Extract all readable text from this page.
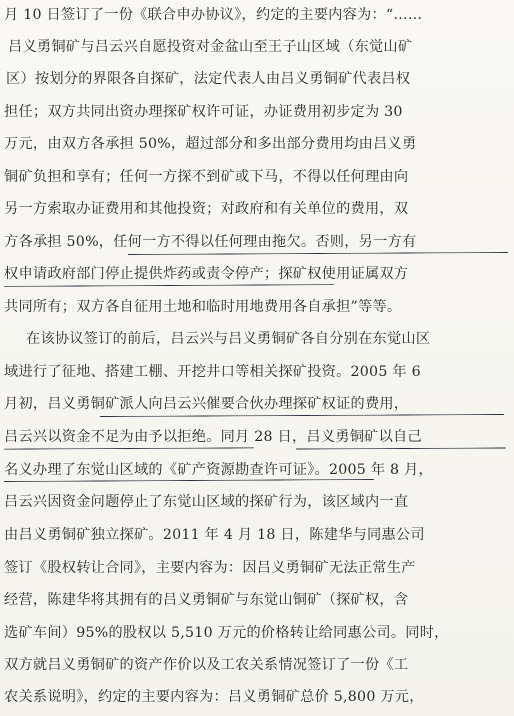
月 10 日签订了一份《联合申办协议》，约定的主要内容为：“……
吕义勇铜矿与吕云兴自愿投资对金盆山至王子山区域（东觉山矿
区）按划分的界限各自探矿，法定代表人由吕义勇铜矿代表吕权
担任；双方共同出资办理探矿权许可证，办证费用初步定为 30
万元，由双方各承担 50%，超过部分和多出部分费用均由吕义勇
铜矿负担和享有；任何一方探不到矿或下马，不得以任何理由向
另一方索取办证费用和其他投资；对政府和有关单位的费用，双
方各承担 50%，任何一方不得以任何理由拖欠。否则，另一方有
权申请政府部门停止提供炸药或责令停产；探矿权使用证属双方
共同所有；双方各自征用土地和临时用地费用各自承担”等等。
在该协议签订的前后，吕云兴与吕义勇铜矿各自分别在东觉山区
域进行了征地、搭建工棚、开挖井口等相关探矿投资。2005 年 6
月初，吕义勇铜矿派人向吕云兴催要合伙办理探矿权证的费用，
吕云兴以资金不足为由予以拒绝。同月 28 日，吕义勇铜矿以自己
名义办理了东觉山区域的《矿产资源勘查许可证》。2005 年 8 月，
吕云兴因资金问题停止了东觉山区域的探矿行为，该区域内一直
由吕义勇铜矿独立探矿。2011 年 4 月 18 日，陈建华与同惠公司
签订《股权转让合同》，主要内容为：因吕义勇铜矿无法正常生产
经营，陈建华将其拥有的吕义勇铜矿与东觉山铜矿（探矿权，含
选矿车间）95%的股权以 5,510 万元的价格转让给同惠公司。同时，
双方就吕义勇铜矿的资产作价以及工农关系情况签订了一份《工
农关系说明》，约定的主要内容为：吕义勇铜矿总价 5,800 万元，
